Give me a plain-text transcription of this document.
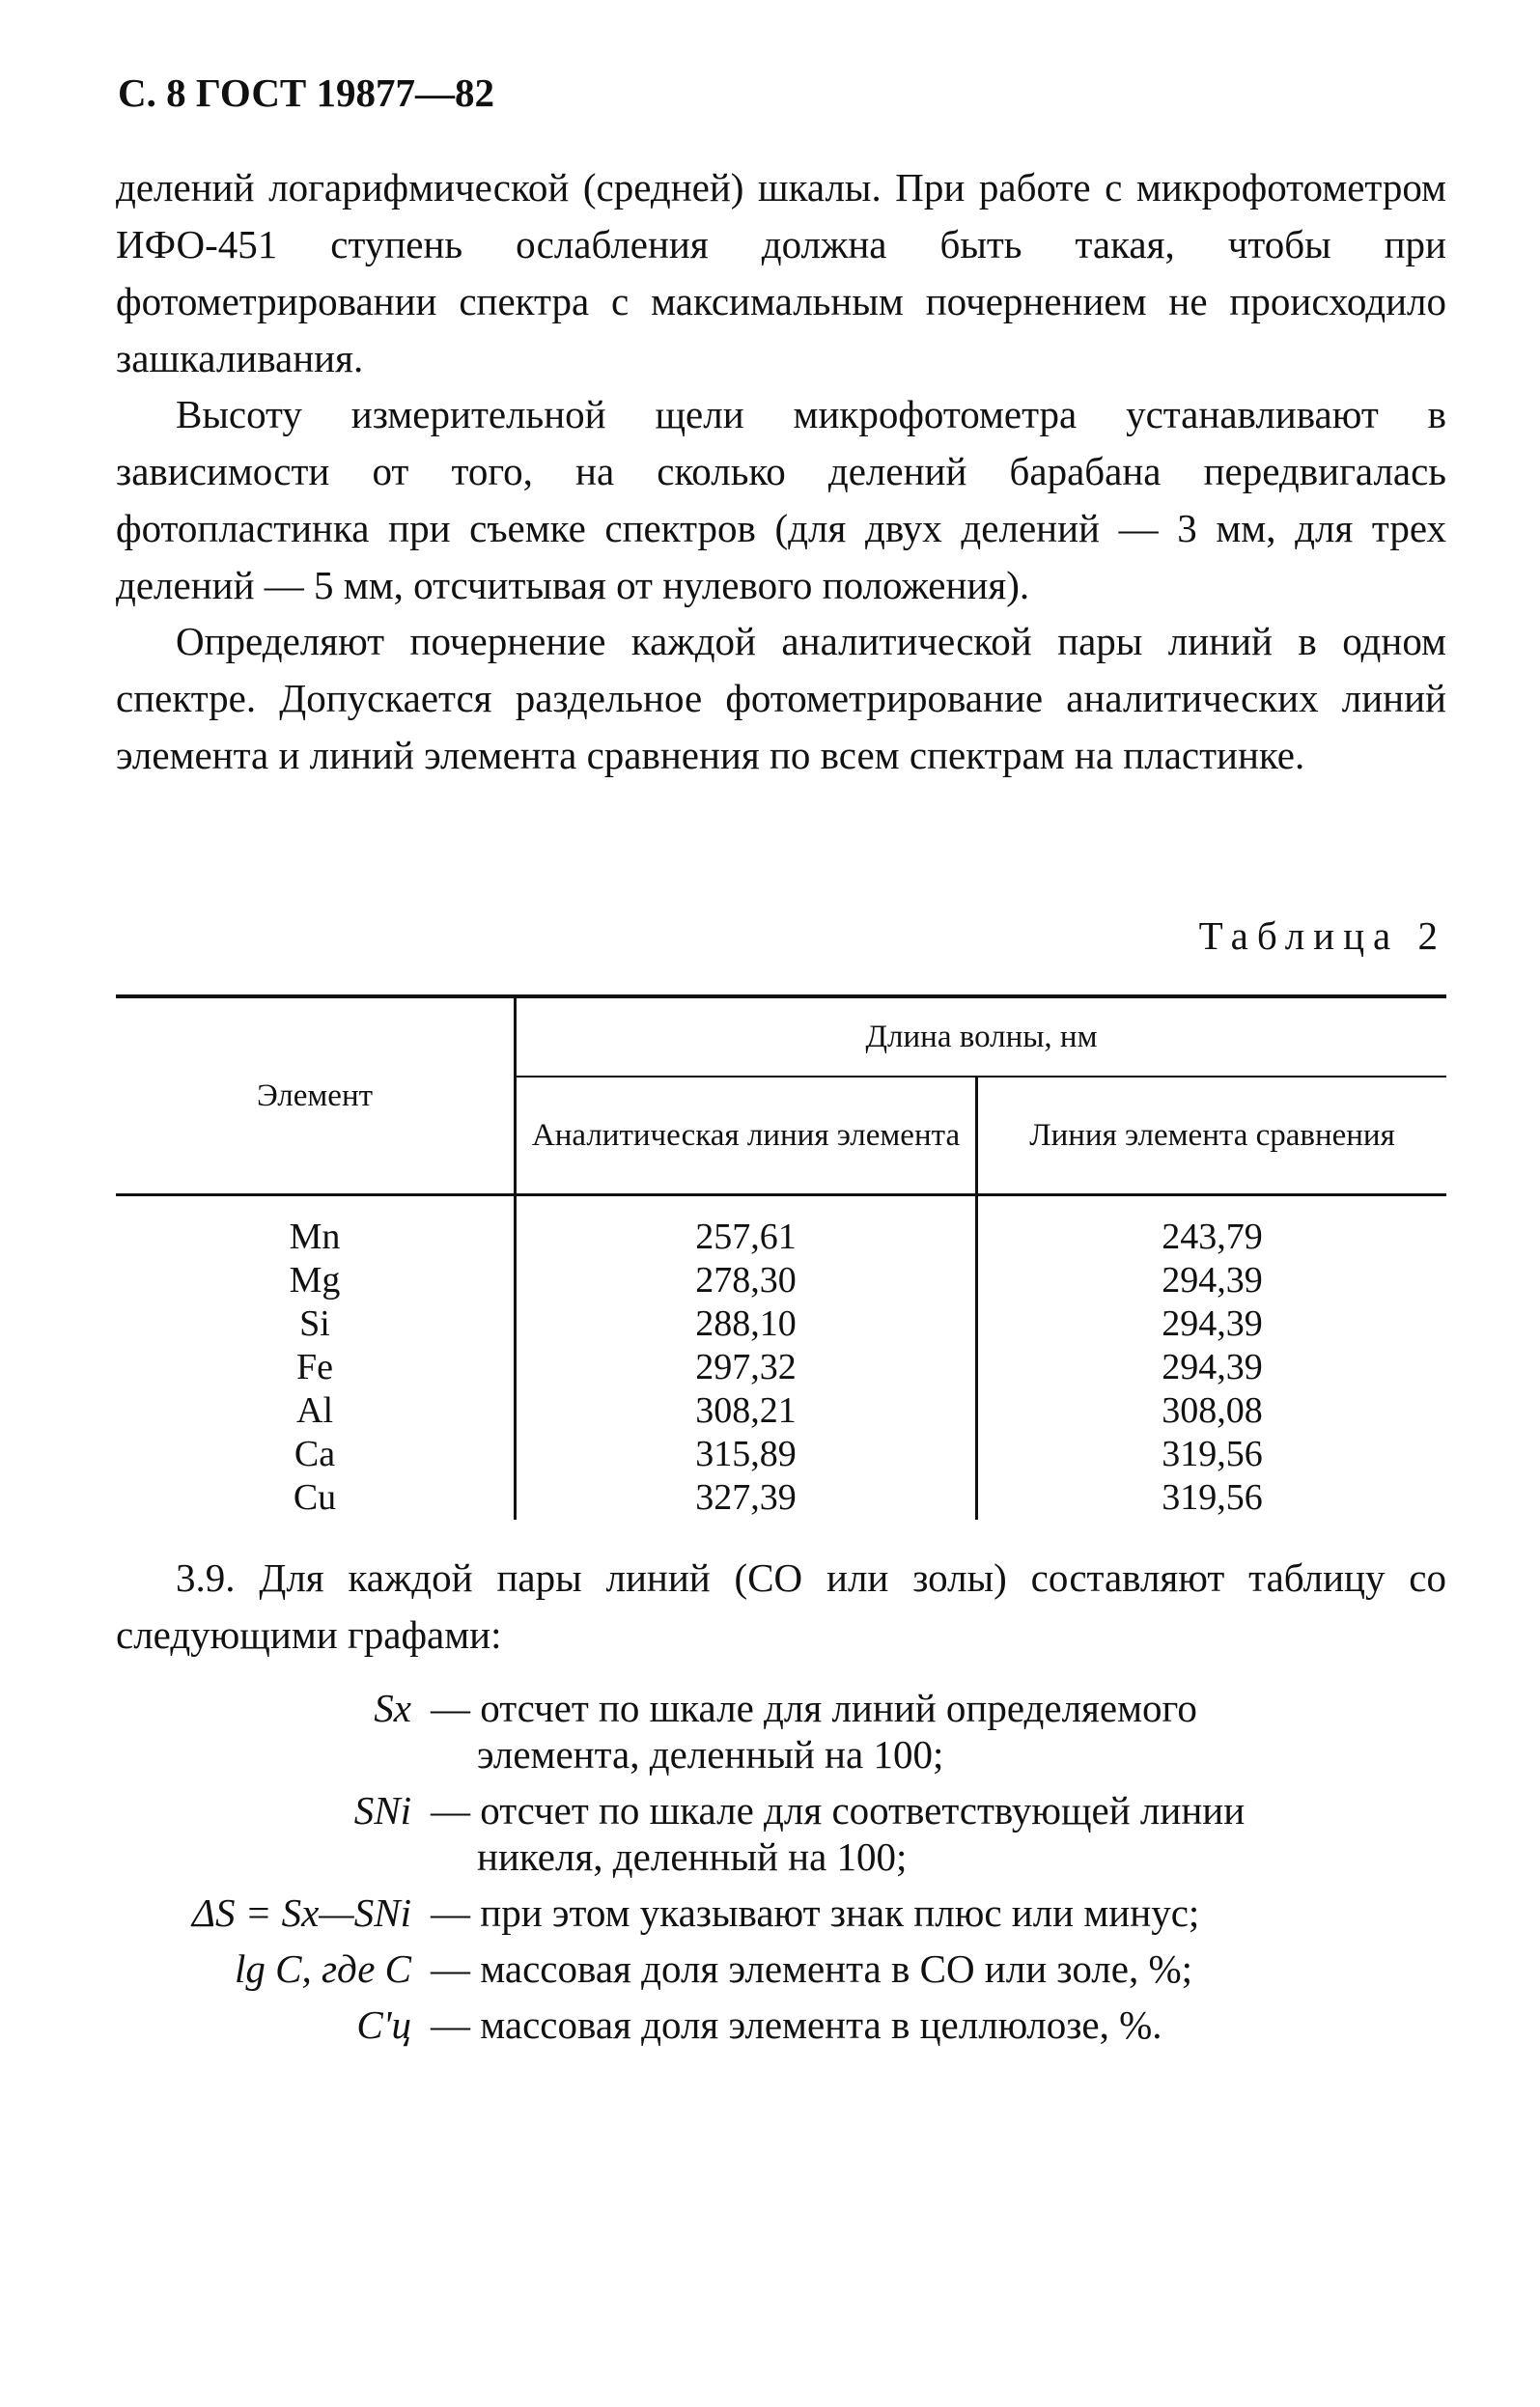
С. 8 ГОСТ 19877—82

делений логарифмической (средней) шкалы. При работе с микрофотометром ИФО-451 ступень ослабления должна быть такая, чтобы при фотометрировании спектра с максимальным почернением не происходило зашкаливания.

Высоту измерительной щели микрофотометра устанавливают в зависимости от того, на сколько делений барабана передвигалась фотопластинка при съемке спектров (для двух делений — 3 мм, для трех делений — 5 мм, отсчитывая от нулевого положения).

Определяют почернение каждой аналитической пары линий в одном спектре. Допускается раздельное фотометрирование аналитических линий элемента и линий элемента сравнения по всем спектрам на пластинке.

Таблица 2
Элемент	Длина волны, нм	
	Аналитическая линия элемента	Линия элемента сравнения
Mn	257,61	243,79
Mg	278,30	294,39
Si	288,10	294,39
Fe	297,32	294,39
Al	308,21	308,08
Ca	315,89	319,56
Cu	327,39	319,56

3.9. Для каждой пары линий (СО или золы) составляют таблицу со следующими графами:

Sx — отсчет по шкале для линий определяемого
элемента, деленный на 100;
SNi — отсчет по шкале для соответствующей линии
никеля, деленный на 100;
ΔS = Sx—SNi — при этом указывают знак плюс или минус;
lg C, где C — массовая доля элемента в СО или золе, %;
C'ц — массовая доля элемента в целлюлозе, %.
